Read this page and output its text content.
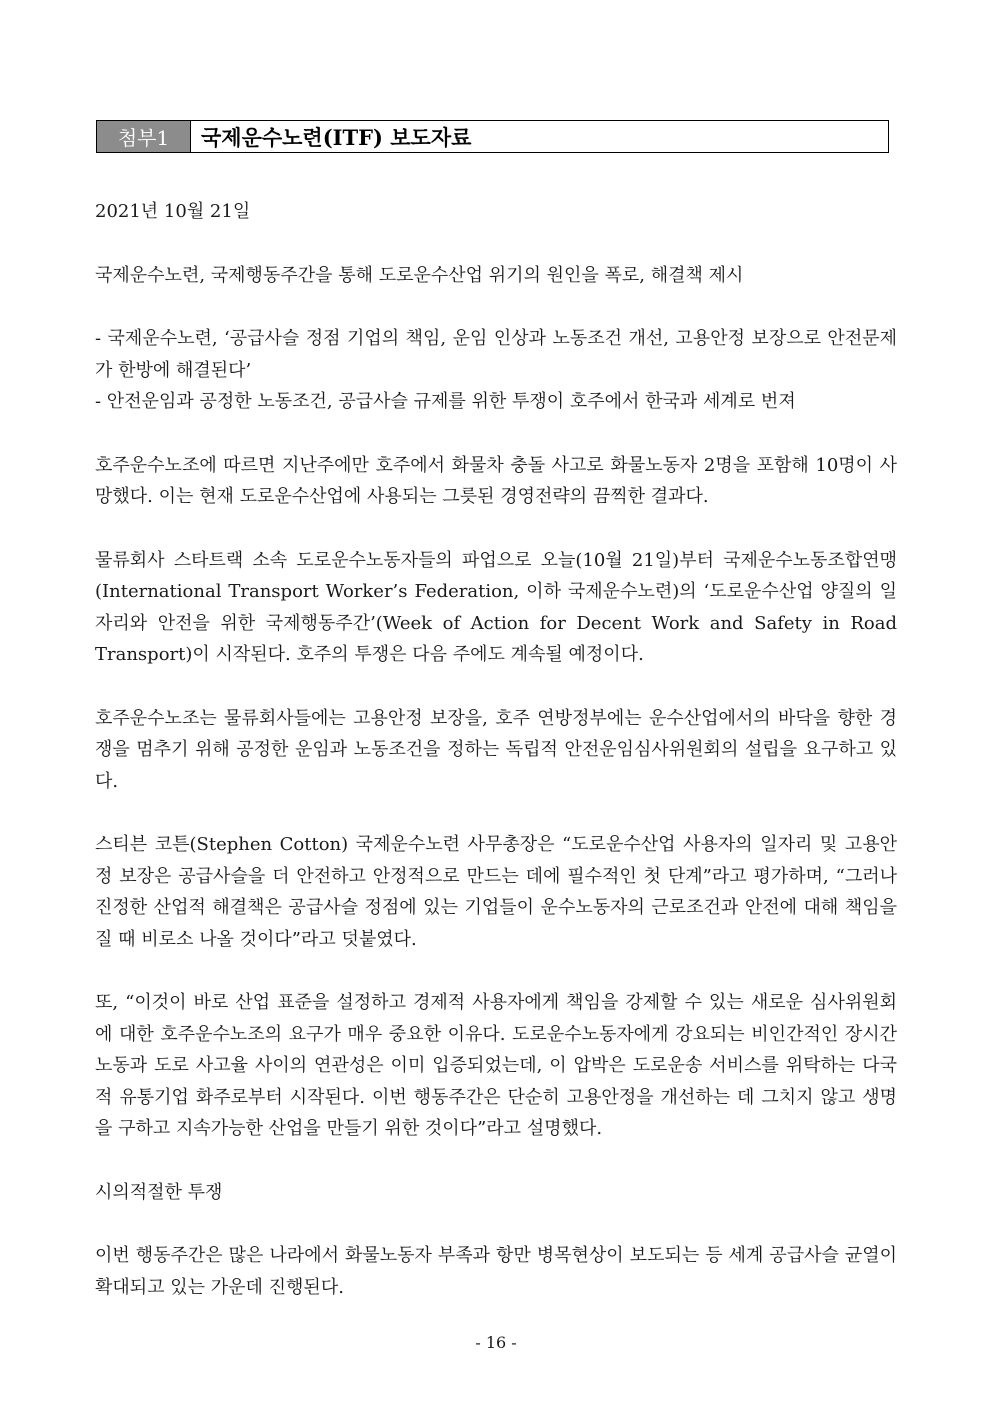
첨부1	국제운수노련(ITF) 보도자료

2021년 10월 21일

국제운수노련, 국제행동주간을 통해 도로운수산업 위기의 원인을 폭로, 해결책 제시

- 국제운수노련, ‘공급사슬 정점 기업의 책임, 운임 인상과 노동조건 개선, 고용안정 보장으로 안전문제가 한방에 해결된다’

- 안전운임과 공정한 노동조건, 공급사슬 규제를 위한 투쟁이 호주에서 한국과 세계로 번져

호주운수노조에 따르면 지난주에만 호주에서 화물차 충돌 사고로 화물노동자 2명을 포함해 10명이 사망했다. 이는 현재 도로운수산업에 사용되는 그릇된 경영전략의 끔찍한 결과다.

물류회사 스타트랙 소속 도로운수노동자들의 파업으로 오늘(10월 21일)부터 국제운수노동조합연맹(International Transport Worker’s Federation, 이하 국제운수노련)의 ‘도로운수산업 양질의 일자리와 안전을 위한 국제행동주간’(Week of Action for Decent Work and Safety in Road Transport)이 시작된다. 호주의 투쟁은 다음 주에도 계속될 예정이다.

호주운수노조는 물류회사들에는 고용안정 보장을, 호주 연방정부에는 운수산업에서의 바닥을 향한 경쟁을 멈추기 위해 공정한 운임과 노동조건을 정하는 독립적 안전운임심사위원회의 설립을 요구하고 있다.

스티븐 코튼(Stephen Cotton) 국제운수노련 사무총장은 “도로운수산업 사용자의 일자리 및 고용안정 보장은 공급사슬을 더 안전하고 안정적으로 만드는 데에 필수적인 첫 단계”라고 평가하며, “그러나 진정한 산업적 해결책은 공급사슬 정점에 있는 기업들이 운수노동자의 근로조건과 안전에 대해 책임을 질 때 비로소 나올 것이다”라고 덧붙였다.

또, “이것이 바로 산업 표준을 설정하고 경제적 사용자에게 책임을 강제할 수 있는 새로운 심사위원회에 대한 호주운수노조의 요구가 매우 중요한 이유다. 도로운수노동자에게 강요되는 비인간적인 장시간 노동과 도로 사고율 사이의 연관성은 이미 입증되었는데, 이 압박은 도로운송 서비스를 위탁하는 다국적 유통기업 화주로부터 시작된다. 이번 행동주간은 단순히 고용안정을 개선하는 데 그치지 않고 생명을 구하고 지속가능한 산업을 만들기 위한 것이다”라고 설명했다.

시의적절한 투쟁

이번 행동주간은 많은 나라에서 화물노동자 부족과 항만 병목현상이 보도되는 등 세계 공급사슬 균열이 확대되고 있는 가운데 진행된다.

- 16 -
